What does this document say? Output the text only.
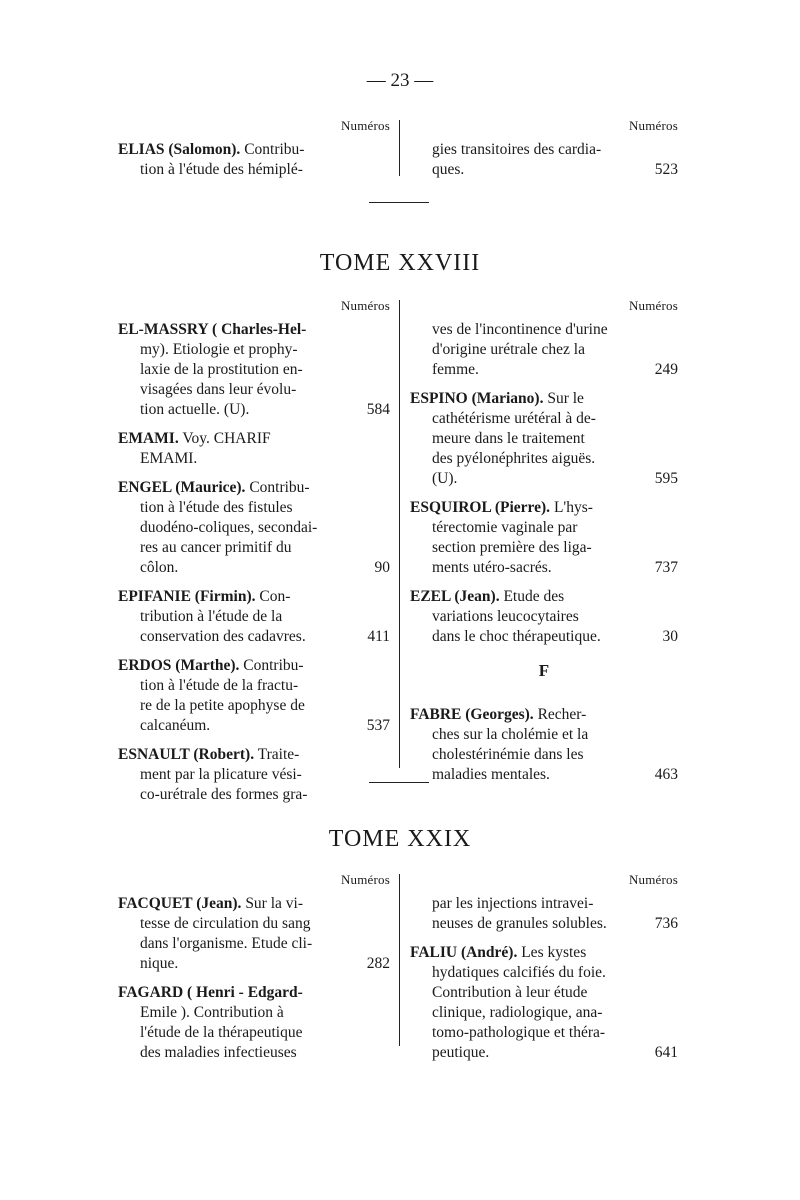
— 23 —
Numéros
ELIAS (Salomon). Contribu-
tion à l'étude des hémiplé-
Numéros
gies transitoires des cardia-
ques.	523
TOME XXVIII
Numéros
EL-MASSRY ( Charles-Hel-
my). Etiologie et prophy-
laxie de la prostitution en-
visagées dans leur évolu-
tion actuelle. (U).	584
EMAMI. Voy. CHARIF
EMAMI.
ENGEL (Maurice). Contribu-
tion à l'étude des fistules
duodéno-coliques, secondai-
res au cancer primitif du
côlon.	90
EPIFANIE (Firmin). Con-
tribution à l'étude de la
conservation des cadavres.	411
ERDOS (Marthe). Contribu-
tion à l'étude de la fractu-
re de la petite apophyse de
calcanéum.	537
ESNAULT (Robert). Traite-
ment par la plicature vési-
co-urétrale des formes gra-
Numéros
ves de l'incontinence d'urine
d'origine urétrale chez la
femme.	249
ESPINO (Mariano). Sur le
cathétérisme urétéral à de-
meure dans le traitement
des pyélonéphrites aiguës.
(U).	595
ESQUIROL (Pierre). L'hys-
térectomie vaginale par
section première des liga-
ments utéro-sacrés.	737
EZEL (Jean). Etude des
variations leucocytaires
dans le choc thérapeutique.	30
F
FABRE (Georges). Recher-
ches sur la cholémie et la
cholestérinémie dans les
maladies mentales.	463
TOME XXIX
Numéros
FACQUET (Jean). Sur la vi-
tesse de circulation du sang
dans l'organisme. Etude cli-
nique.	282
FAGARD ( Henri - Edgard-
Emile ). Contribution à
l'étude de la thérapeutique
des maladies infectieuses
Numéros
par les injections intravei-
neuses de granules solubles.	736
FALIU (André). Les kystes
hydatiques calcifiés du foie.
Contribution à leur étude
clinique, radiologique, ana-
tomo-pathologique et théra-
peutique.	641
